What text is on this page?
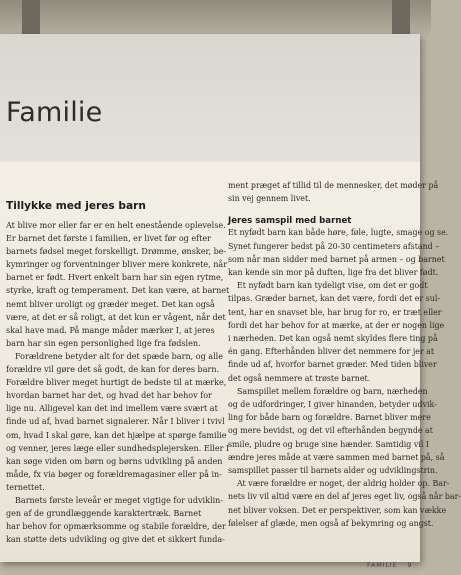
Familie
Tillykke med jeres barn
At blive mor eller far er en helt enestående oplevelse.
Er barnet det første i familien, er livet før og efter
barnets fødsel meget forskelligt. Drømme, ønsker, be-
kymringer og forventninger bliver mere konkrete, når
barnet er født. Hvert enkelt barn har sin egen rytme,
styrke, kraft og temperament. Det kan være, at barnet
nemt bliver uroligt og græder meget. Det kan også
være, at det er så roligt, at det kun er vågent, når det
skal have mad. På mange måder mærker I, at jeres
barn har sin egen personlighed lige fra fødslen.
Forældrene betyder alt for det spæde barn, og alle
forældre vil gøre det så godt, de kan for deres barn.
Forældre bliver meget hurtigt de bedste til at mærke,
hvordan barnet har det, og hvad det har behov for
lige nu. Alligevel kan det ind imellem være svært at
finde ud af, hvad barnet signalerer. Når I bliver i tvivl
om, hvad I skal gøre, kan det hjælpe at spørge familie
og venner, jeres læge eller sundhedsplejersken. Eller I
kan søge viden om børn og børns udvikling på anden
måde, fx via bøger og forældremagasiner eller på in-
ternettet.
Barnets første leveår er meget vigtige for udviklin-
gen af de grundlæggende karaktertræk. Barnet
har behov for opmærksomme og stabile forældre, der
kan støtte dets udvikling og give det et sikkert funda-
ment præget af tillid til de mennesker, det møder på
sin vej gennem livet.
Jeres samspil med barnet
Et nyfødt barn kan både høre, føle, lugte, smage og se.
Synet fungerer bedst på 20-30 centimeters afstand –
som når man sidder med barnet på armen – og barnet
kan kende sin mor på duften, lige fra det bliver født.
Et nyfødt barn kan tydeligt vise, om det er godt
tilpas. Græder barnet, kan det være, fordi det er sul-
tent, har en snavset ble, har brug for ro, er træt eller
fordi det har behov for at mærke, at der er nogen lige
i nærheden. Det kan også nemt skyldes flere ting på
én gang. Efterhånden bliver det nemmere for jer at
finde ud af, hvorfor barnet græder. Med tiden bliver
det også nemmere at trøste barnet.
Samspillet mellem forældre og barn, nærheden
og de udfordringer, I giver hinanden, betyder udvik-
ling for både barn og forældre. Barnet bliver mere
og mere bevidst, og det vil efterhånden begynde at
smile, pludre og bruge sine hænder. Samtidig vil I
ændre jeres måde at være sammen med barnet på, så
samspillet passer til barnets alder og udviklingstrin.
At være forældre er noget, der aldrig holder op. Bar-
nets liv vil altid være en del af jeres eget liv, også når bar-
net bliver voksen. Det er perspektiver, som kan vække
følelser af glæde, men også af bekymring og angst.
FAMILIE 9
